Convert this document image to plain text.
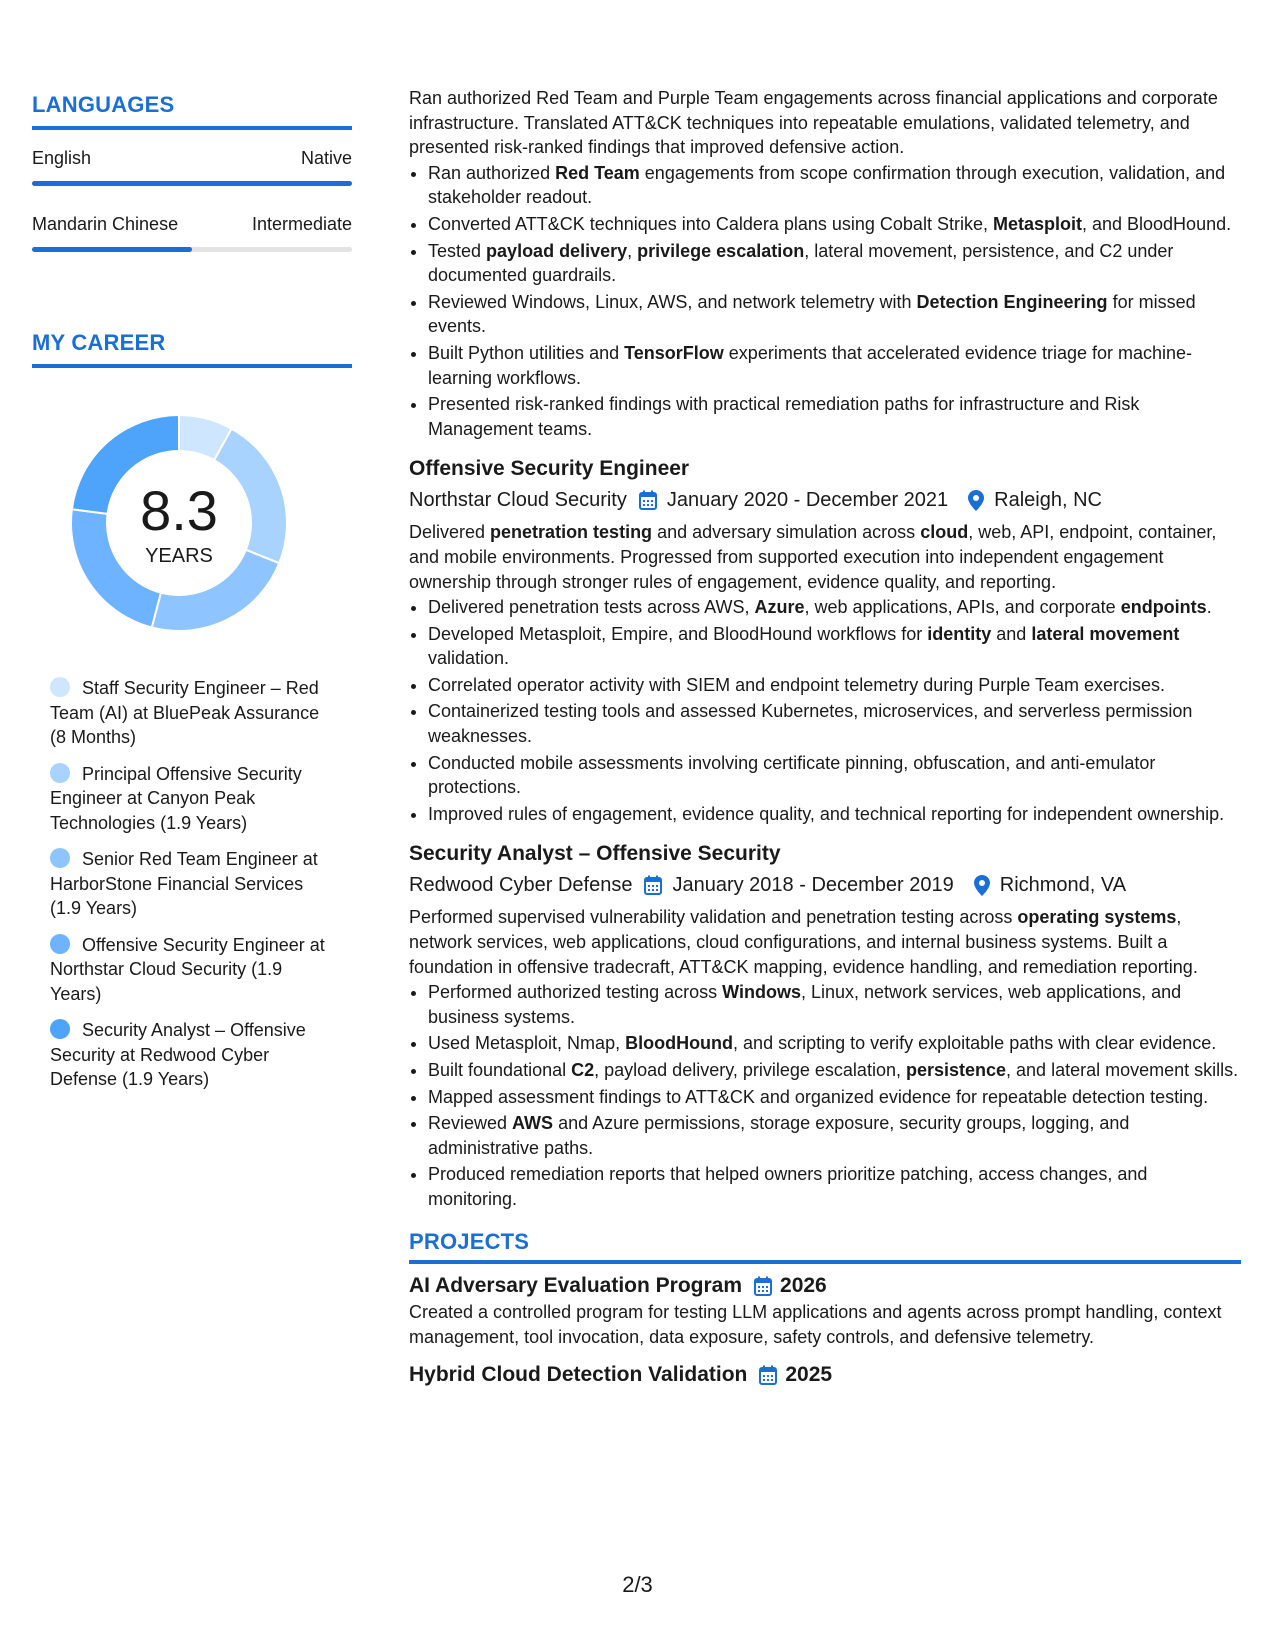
LANGUAGES
English	Native
Mandarin Chinese	Intermediate
MY CAREER
8.3
YEARS
Staff Security Engineer – Red Team (AI) at BluePeak Assurance (8 Months)
Principal Offensive Security Engineer at Canyon Peak Technologies (1.9 Years)
Senior Red Team Engineer at HarborStone Financial Services (1.9 Years)
Offensive Security Engineer at Northstar Cloud Security (1.9 Years)
Security Analyst – Offensive Security at Redwood Cyber Defense (1.9 Years)

Ran authorized Red Team and Purple Team engagements across financial applications and corporate infrastructure. Translated ATT&CK techniques into repeatable emulations, validated telemetry, and presented risk-ranked findings that improved defensive action.

• Ran authorized Red Team engagements from scope confirmation through execution, validation, and stakeholder readout.
• Converted ATT&CK techniques into Caldera plans using Cobalt Strike, Metasploit, and BloodHound.
• Tested payload delivery, privilege escalation, lateral movement, persistence, and C2 under documented guardrails.
• Reviewed Windows, Linux, AWS, and network telemetry with Detection Engineering for missed events.
• Built Python utilities and TensorFlow experiments that accelerated evidence triage for machine-learning workflows.
• Presented risk-ranked findings with practical remediation paths for infrastructure and Risk Management teams.
Offensive Security Engineer
Northstar Cloud Security January 2020 - December 2021 Raleigh, NC

Delivered penetration testing and adversary simulation across cloud, web, API, endpoint, container, and mobile environments. Progressed from supported execution into independent engagement ownership through stronger rules of engagement, evidence quality, and reporting.

• Delivered penetration tests across AWS, Azure, web applications, APIs, and corporate endpoints.
• Developed Metasploit, Empire, and BloodHound workflows for identity and lateral movement validation.
• Correlated operator activity with SIEM and endpoint telemetry during Purple Team exercises.
• Containerized testing tools and assessed Kubernetes, microservices, and serverless permission weaknesses.
• Conducted mobile assessments involving certificate pinning, obfuscation, and anti-emulator protections.
• Improved rules of engagement, evidence quality, and technical reporting for independent ownership.
Security Analyst – Offensive Security
Redwood Cyber Defense January 2018 - December 2019 Richmond, VA

Performed supervised vulnerability validation and penetration testing across operating systems, network services, web applications, cloud configurations, and internal business systems. Built a foundation in offensive tradecraft, ATT&CK mapping, evidence handling, and remediation reporting.

• Performed authorized testing across Windows, Linux, network services, web applications, and business systems.
• Used Metasploit, Nmap, BloodHound, and scripting to verify exploitable paths with clear evidence.
• Built foundational C2, payload delivery, privilege escalation, persistence, and lateral movement skills.
• Mapped assessment findings to ATT&CK and organized evidence for repeatable detection testing.
• Reviewed AWS and Azure permissions, storage exposure, security groups, logging, and administrative paths.
• Produced remediation reports that helped owners prioritize patching, access changes, and monitoring.
PROJECTS
AI Adversary Evaluation Program 2026

Created a controlled program for testing LLM applications and agents across prompt handling, context management, tool invocation, data exposure, safety controls, and defensive telemetry.

Hybrid Cloud Detection Validation 2025
2/3
